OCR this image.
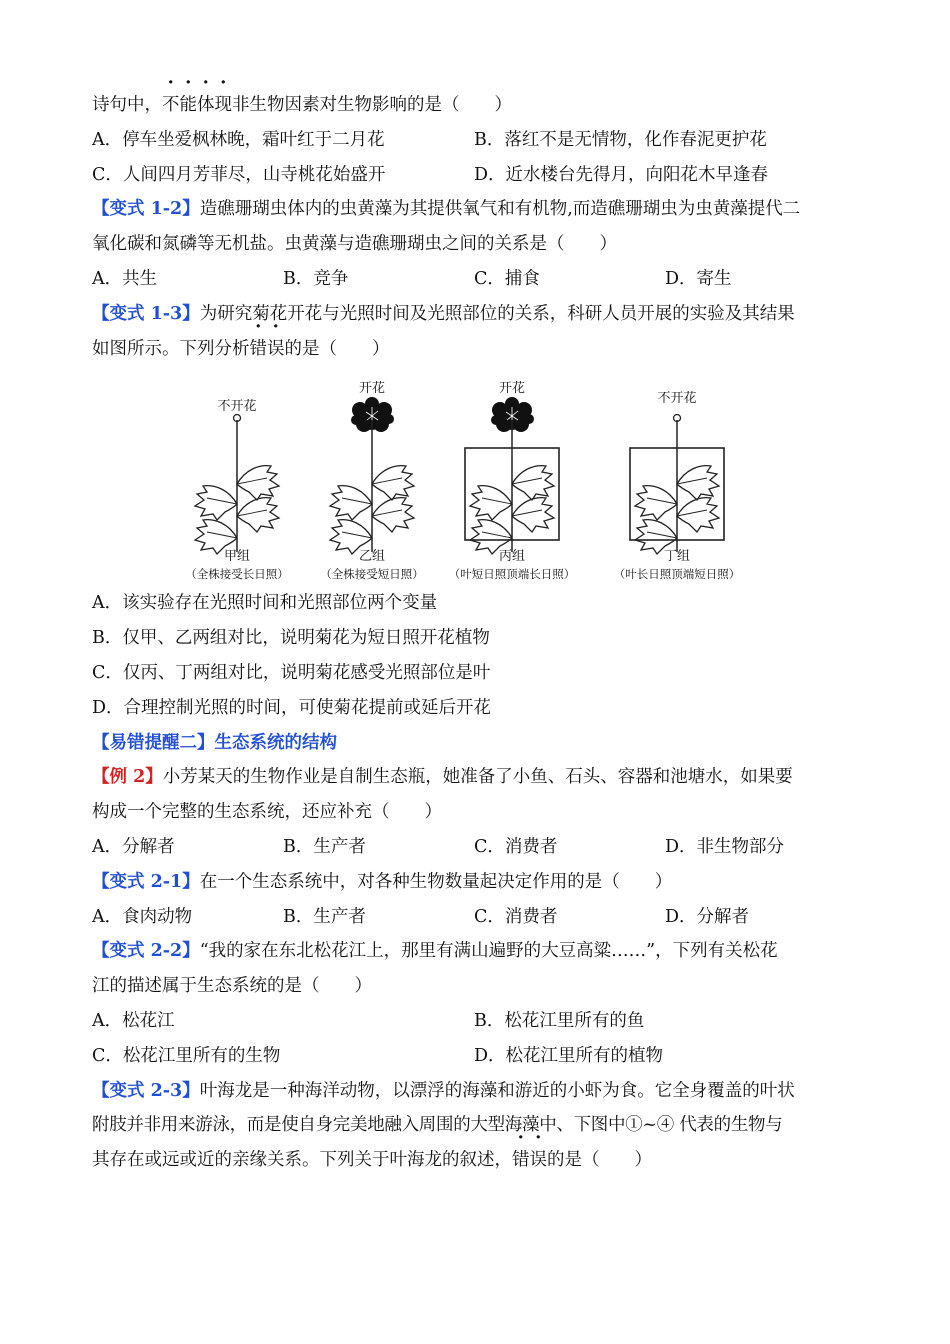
诗句中，不能体现非生物因素对生物影响的是（　　）
A．停车坐爱枫林晚，霜叶红于二月花	B．落红不是无情物，化作春泥更护花
C．人间四月芳菲尽，山寺桃花始盛开	D．近水楼台先得月，向阳花木早逢春
【变式 1-2】造礁珊瑚虫体内的虫黄藻为其提供氧气和有机物,而造礁珊瑚虫为虫黄藻提代二
氧化碳和氮磷等无机盐。虫黄藻与造礁珊瑚虫之间的关系是（　　）
A．共生	B．竞争	C．捕食	D．寄生
【变式 1-3】为研究菊花开花与光照时间及光照部位的关系，科研人员开展的实验及其结果
如图所示。下列分析错误的是（　　）
不开花
甲组
（全株接受长日照）
开花
乙组
（全株接受短日照）
开花
丙组
（叶短日照顶端长日照）
不开花
丁组
（叶长日照顶端短日照）
A．该实验存在光照时间和光照部位两个变量
B．仅甲、乙两组对比，说明菊花为短日照开花植物
C．仅丙、丁两组对比，说明菊花感受光照部位是叶
D．合理控制光照的时间，可使菊花提前或延后开花
【易错提醒二】生态系统的结构
【例 2】小芳某天的生物作业是自制生态瓶，她准备了小鱼、石头、容器和池塘水，如果要
构成一个完整的生态系统，还应补充（　　）
A．分解者	B．生产者	C．消费者	D．非生物部分
【变式 2-1】在一个生态系统中，对各种生物数量起决定作用的是（　　）
A．食肉动物	B．生产者	C．消费者	D．分解者
【变式 2-2】“我的家在东北松花江上，那里有满山遍野的大豆高粱……”，下列有关松花
江的描述属于生态系统的是（　　）
A．松花江	B．松花江里所有的鱼
C．松花江里所有的生物	D．松花江里所有的植物
【变式 2-3】叶海龙是一种海洋动物，以漂浮的海藻和游近的小虾为食。它全身覆盖的叶状
附肢并非用来游泳，而是使自身完美地融入周围的大型海藻中、下图中①~④ 代表的生物与
其存在或远或近的亲缘关系。下列关于叶海龙的叙述，错误的是（　　）
